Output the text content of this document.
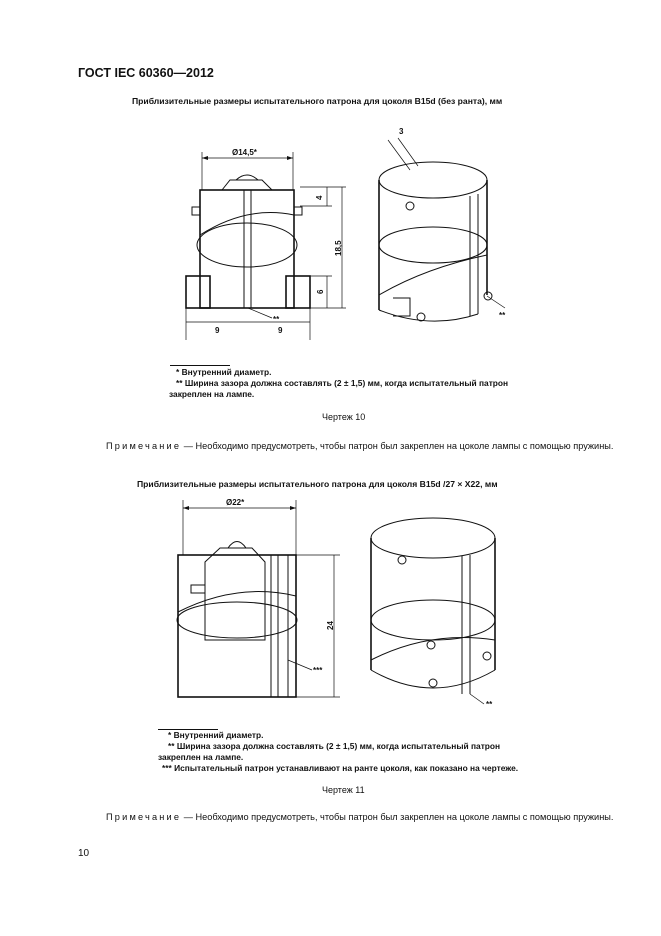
ГОСТ IEC 60360—2012
Приблизительные размеры испытательного патрона для цоколя B15d (без ранта), мм
Ø14,5*
4
18,5
6
9	9
**
3
**
Ø22*
24
***
**
* Внутренний диаметр.
** Ширина зазора должна составлять (2 ± 1,5) мм, когда испытательный патрон
закреплен на лампе.
Чертеж 10
Примечание — Необходимо предусмотреть, чтобы патрон был закреплен на цоколе лампы с помощью пружины.
Приблизительные размеры испытательного патрона для цоколя B15d /27 × X22, мм
* Внутренний диаметр.
** Ширина зазора должна составлять (2 ± 1,5) мм, когда испытательный патрон
закреплен на лампе.
*** Испытательный патрон устанавливают на ранте цоколя, как показано на чертеже.
Чертеж 11
Примечание — Необходимо предусмотреть, чтобы патрон был закреплен на цоколе лампы с помощью пружины.
10
